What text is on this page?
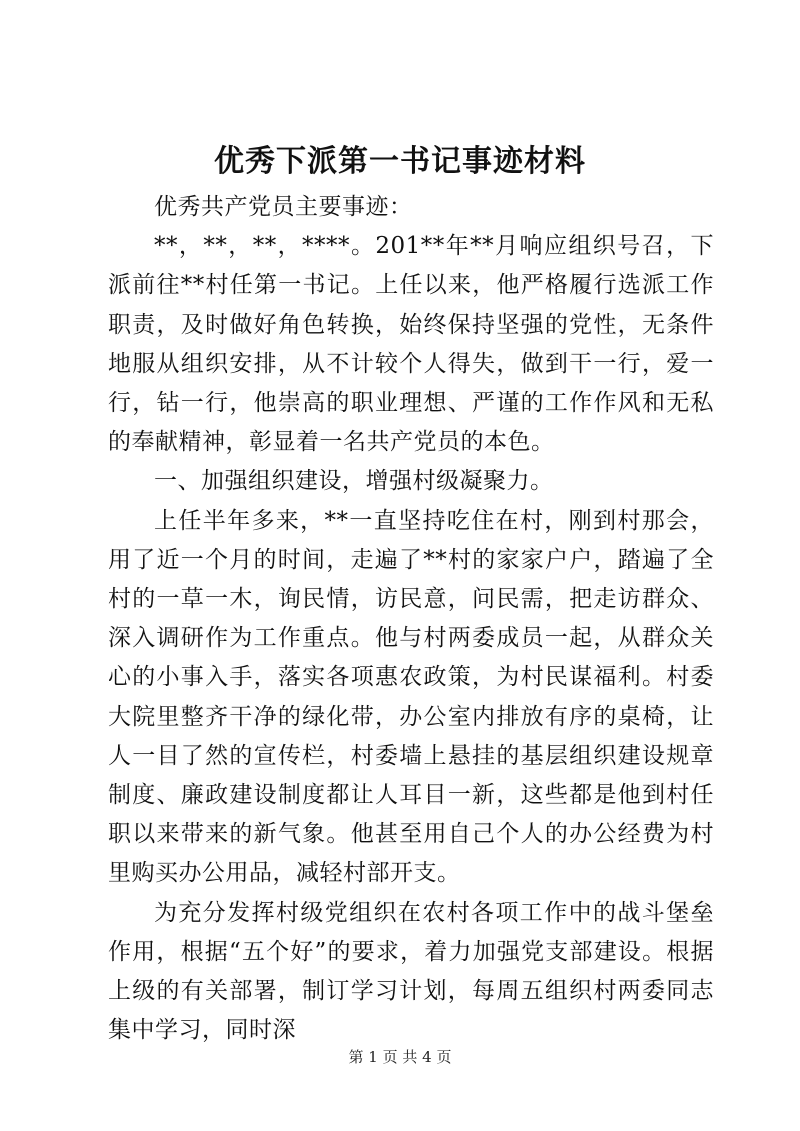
优秀下派第一书记事迹材料

优秀共产党员主要事迹：

**，**，**，****。201**年**月响应组织号召，下派前往**村任第一书记。上任以来，他严格履行选派工作职责，及时做好角色转换，始终保持坚强的党性，无条件地服从组织安排，从不计较个人得失，做到干一行，爱一行，钻一行，他崇高的职业理想、严谨的工作作风和无私的奉献精神，彰显着一名共产党员的本色。

一、加强组织建设，增强村级凝聚力。

上任半年多来，**一直坚持吃住在村，刚到村那会，用了近一个月的时间，走遍了**村的家家户户，踏遍了全村的一草一木，询民情，访民意，问民需，把走访群众、深入调研作为工作重点。他与村两委成员一起，从群众关心的小事入手，落实各项惠农政策，为村民谋福利。村委大院里整齐干净的绿化带，办公室内排放有序的桌椅，让人一目了然的宣传栏，村委墙上悬挂的基层组织建设规章制度、廉政建设制度都让人耳目一新，这些都是他到村任职以来带来的新气象。他甚至用自己个人的办公经费为村里购买办公用品，减轻村部开支。

为充分发挥村级党组织在农村各项工作中的战斗堡垒作用，根据“五个好”的要求，着力加强党支部建设。根据上级的有关部署，制订学习计划，每周五组织村两委同志集中学习，同时深

第 1 页 共 4 页
